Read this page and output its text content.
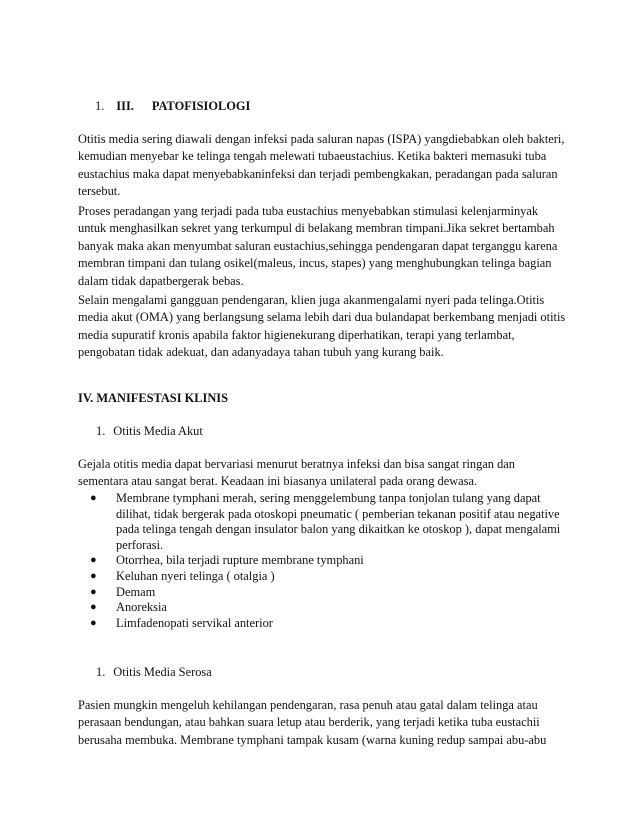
1. III. PATOFISIOLOGI

Otitis media sering diawali dengan infeksi pada saluran napas (ISPA) yangdiebabkan oleh bakteri, kemudian menyebar ke telinga tengah melewati tubaeustachius. Ketika bakteri memasuki tuba eustachius maka dapat menyebabkaninfeksi dan terjadi pembengkakan, peradangan pada saluran tersebut.

Proses peradangan yang terjadi pada tuba eustachius menyebabkan stimulasi kelenjarminyak untuk menghasilkan sekret yang terkumpul di belakang membran timpani.Jika sekret bertambah banyak maka akan menyumbat saluran eustachius,sehingga pendengaran dapat terganggu karena membran timpani dan tulang osikel(maleus, incus, stapes) yang menghubungkan telinga bagian dalam tidak dapatbergerak bebas.

Selain mengalami gangguan pendengaran, klien juga akanmengalami nyeri pada telinga.Otitis media akut (OMA) yang berlangsung selama lebih dari dua bulandapat berkembang menjadi otitis media supuratif kronis apabila faktor higienekurang diperhatikan, terapi yang terlambat, pengobatan tidak adekuat, dan adanyadaya tahan tubuh yang kurang baik.

IV. MANIFESTASI KLINIS
1. Otitis Media Akut

Gejala otitis media dapat bervariasi menurut beratnya infeksi dan bisa sangat ringan dan sementara atau sangat berat. Keadaan ini biasanya unilateral pada orang dewasa.

● Membrane tymphani merah, sering menggelembung tanpa tonjolan tulang yang dapat dilihat, tidak bergerak pada otoskopi pneumatic ( pemberian tekanan positif atau negative pada telinga tengah dengan insulator balon yang dikaitkan ke otoskop ), dapat mengalami perforasi.
● Otorrhea, bila terjadi rupture membrane tymphani
● Keluhan nyeri telinga ( otalgia )
● Demam
● Anoreksia
● Limfadenopati servikal anterior
1. Otitis Media Serosa

Pasien mungkin mengeluh kehilangan pendengaran, rasa penuh atau gatal dalam telinga atau perasaan bendungan, atau bahkan suara letup atau berderik, yang terjadi ketika tuba eustachii berusaha membuka. Membrane tymphani tampak kusam (warna kuning redup sampai abu-abu
